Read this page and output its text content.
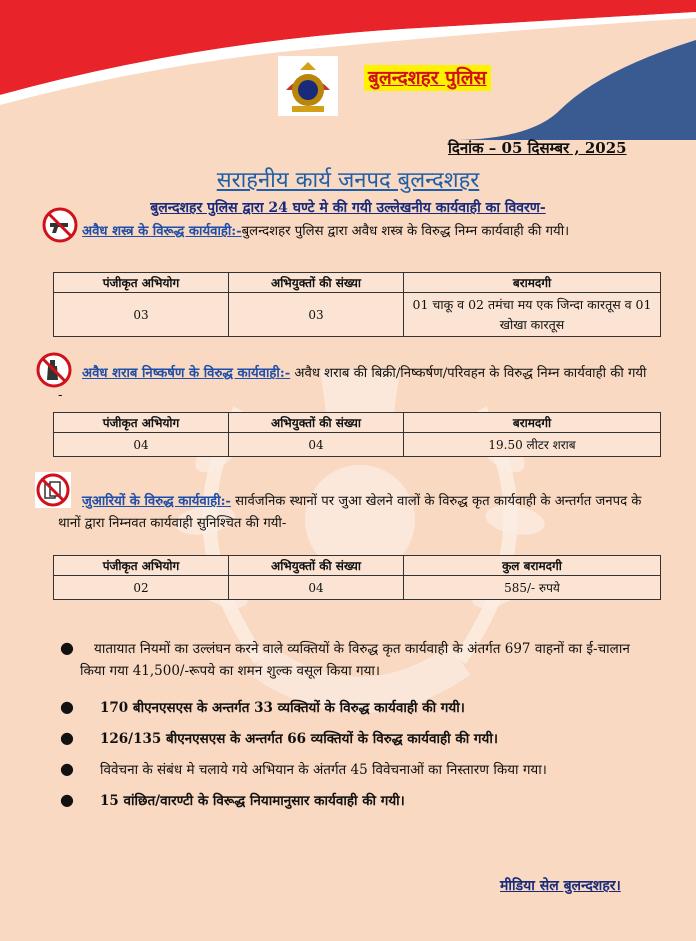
बुलन्दशहर पुलिस
दिनांक – 05 दिसम्बर , 2025
सराहनीय कार्य जनपद बुलन्दशहर
बुलन्दशहर पुलिस द्वारा 24 घण्टे मे की गयी उल्लेखनीय कार्यवाही का विवरण-
अवैध शस्त्र के विरूद्ध कार्यवाही:-बुलन्दशहर पुलिस द्वारा अवैध शस्त्र के विरुद्ध निम्न कार्यवाही की गयी।
पंजीकृत अभियोग	अभियुक्तों की संख्या	बरामदगी
03	03	01 चाकू व 02 तमंचा मय एक जिन्दा कारतूस व 01 खोखा कारतूस
अवैध शराब निष्कर्षण के विरुद्ध कार्यवाही:- अवैध शराब की बिक्री/निष्कर्षण/परिवहन के विरुद्ध निम्न कार्यवाही की गयी -
पंजीकृत अभियोग	अभियुक्तों की संख्या	बरामदगी
04	04	19.50 लीटर शराब
जुआरियों के विरुद्ध कार्यवाही:- सार्वजनिक स्थानों पर जुआ खेलने वालों के विरुद्ध कृत कार्यवाही के अन्तर्गत जनपद के थानों द्वारा निम्नवत कार्यवाही सुनिश्चित की गयी-
पंजीकृत अभियोग	अभियुक्तों की संख्या	कुल बरामदगी
02	04	585/- रुपये
●	यातायात नियमों का उल्लंघन करने वाले व्यक्तियों के विरुद्ध कृत कार्यवाही के अंतर्गत 697 वाहनों का ई-चालान किया गया 41,500/-रूपये का शमन शुल्क वसूल किया गया।
● 170 बीएनएसएस के अन्तर्गत 33 व्यक्तियों के विरुद्ध कार्यवाही की गयी।
● 126/135 बीएनएसएस के अन्तर्गत 66 व्यक्तियों के विरुद्ध कार्यवाही की गयी।
● विवेचना के संबंध मे चलाये गये अभियान के अंतर्गत 45 विवेचनाओं का निस्तारण किया गया।
● 15 वांछित/वारण्टी के विरूद्ध नियामानुसार कार्यवाही की गयी।
मीडिया सेल बुलन्दशहर।
